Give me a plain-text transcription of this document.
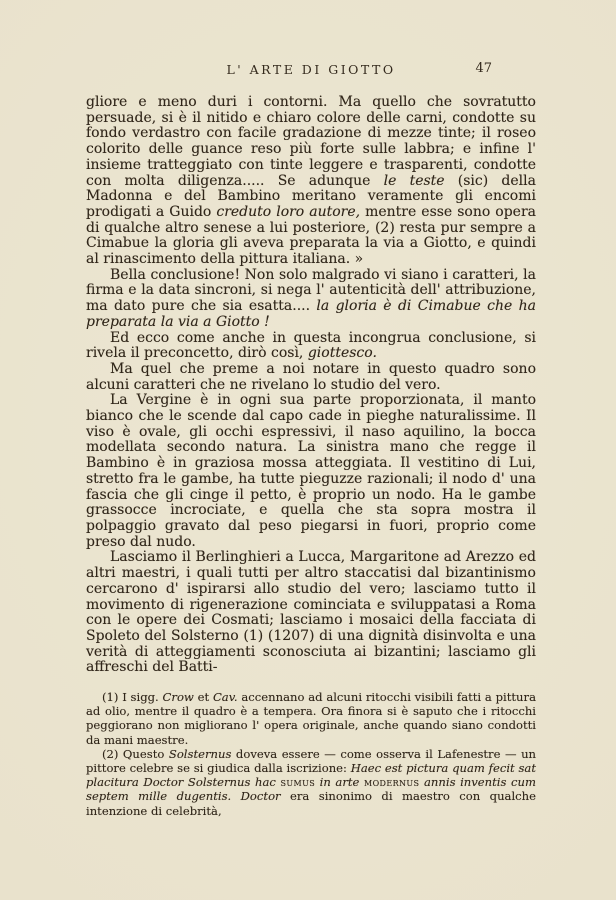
L' ARTE DI GIOTTO	47

gliore e meno duri i contorni. Ma quello che sovratutto persuade, si è il nitido e chiaro colore delle carni, condotte su fondo verdastro con facile gradazione di mezze tinte; il roseo colorito delle guance reso più forte sulle labbra; e infine l' insieme tratteggiato con tinte leggere e trasparenti, condotte con molta diligenza..... Se adunque le teste (sic) della Madonna e del Bambino meritano veramente gli encomi prodigati a Guido creduto loro autore, mentre esse sono opera di qualche altro senese a lui posteriore, (2) resta pur sempre a Cimabue la gloria gli aveva preparata la via a Giotto, e quindi al rinascimento della pittura italiana. »

Bella conclusione! Non solo malgrado vi siano i caratteri, la firma e la data sincroni, si nega l' autenticità dell' attribuzione, ma dato pure che sia esatta.... la gloria è di Cimabue che ha preparata la via a Giotto !

Ed ecco come anche in questa incongrua conclusione, si rivela il preconcetto, dirò così, giottesco.

Ma quel che preme a noi notare in questo quadro sono alcuni caratteri che ne rivelano lo studio del vero.

La Vergine è in ogni sua parte proporzionata, il manto bianco che le scende dal capo cade in pieghe naturalissime. Il viso è ovale, gli occhi espressivi, il naso aquilino, la bocca modellata secondo natura. La sinistra mano che regge il Bambino è in graziosa mossa atteggiata. Il vestitino di Lui, stretto fra le gambe, ha tutte pieguzze razionali; il nodo d' una fascia che gli cinge il petto, è proprio un nodo. Ha le gambe grassocce incrociate, e quella che sta sopra mostra il polpaggio gravato dal peso piegarsi in fuori, proprio come preso dal nudo.

Lasciamo il Berlinghieri a Lucca, Margaritone ad Arezzo ed altri maestri, i quali tutti per altro staccatisi dal bizantinismo cercarono d' ispirarsi allo studio del vero; lasciamo tutto il movimento di rigenerazione cominciata e sviluppatasi a Roma con le opere dei Cosmati; lasciamo i mosaici della facciata di Spoleto del Solsterno (1) (1207) di una dignità disinvolta e una verità di atteggiamenti sconosciuta ai bizantini; lasciamo gli affreschi del Batti-

(1) I sigg. Crow et Cav. accennano ad alcuni ritocchi visibili fatti a pittura ad olio, mentre il quadro è a tempera. Ora finora si è saputo che i ritocchi peggiorano non migliorano l' opera originale, anche quando siano condotti da mani maestre.

(2) Questo Solsternus doveva essere — come osserva il Lafenestre — un pittore celebre se si giudica dalla iscrizione: Haec est pictura quam fecit sat placitura Doctor Solsternus hac sumus in arte modernus annis inventis cum septem mille dugentis. Doctor era sinonimo di maestro con qualche intenzione di celebrità,
